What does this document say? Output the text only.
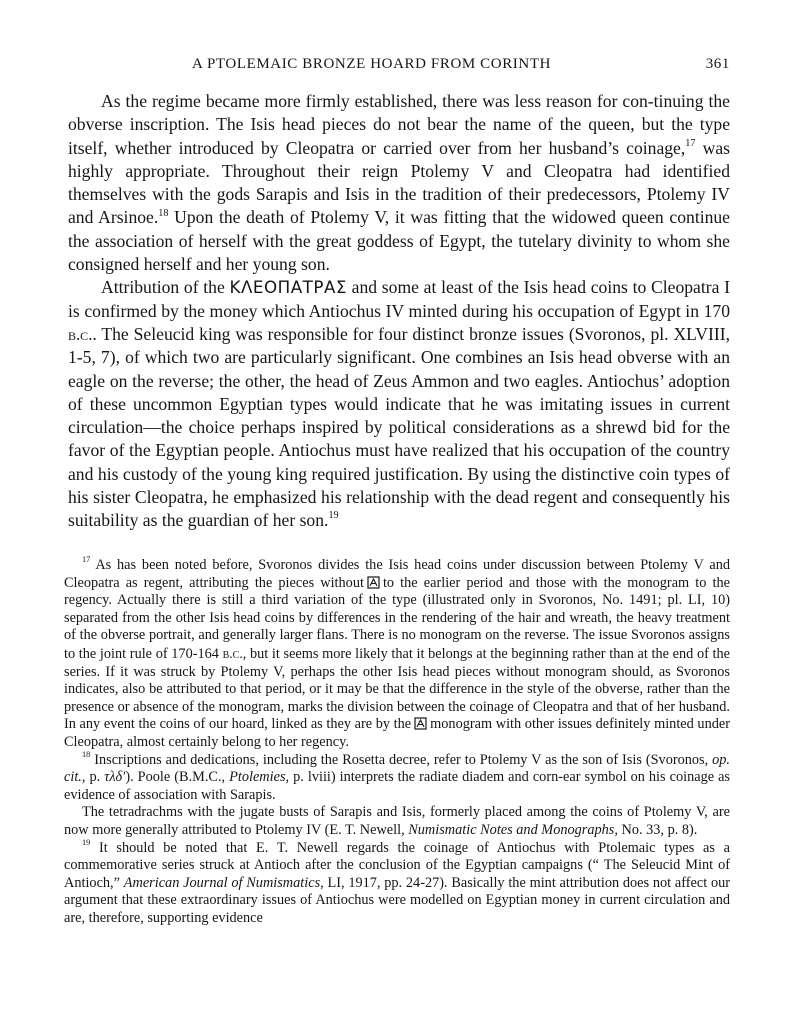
A PTOLEMAIC BRONZE HOARD FROM CORINTH	361

As the regime became more firmly established, there was less reason for con-tinuing the obverse inscription. The Isis head pieces do not bear the name of the queen, but the type itself, whether introduced by Cleopatra or carried over from her husband’s coinage,$^{17}$ was highly appropriate. Throughout their reign Ptolemy V and Cleopatra had identified themselves with the gods Sarapis and Isis in the tradition of their predecessors, Ptolemy IV and Arsinoe.$^{18}$ Upon the death of Ptolemy V, it was fitting that the widowed queen continue the association of herself with the great goddess of Egypt, the tutelary divinity to whom she consigned herself and her young son.

Attribution of the ΚΛΕΟΠΑΤΡΑΣ and some at least of the Isis head coins to Cleopatra I is confirmed by the money which Antiochus IV minted during his occupation of Egypt in 170 b.c.. The Seleucid king was responsible for four distinct bronze issues (Svoronos, pl. XLVIII, 1-5, 7), of which two are particularly significant. One combines an Isis head obverse with an eagle on the reverse; the other, the head of Zeus Ammon and two eagles. Antiochus’ adoption of these uncommon Egyptian types would indicate that he was imitating issues in current circulation—the choice perhaps inspired by political considerations as a shrewd bid for the favor of the Egyptian people. Antiochus must have realized that his occupation of the country and his custody of the young king required justification. By using the distinctive coin types of his sister Cleopatra, he emphasized his relationship with the dead regent and consequently his suitability as the guardian of her son.$^{19}$

$^{17}$ As has been noted before, Svoronos divides the Isis head coins under discussion between Ptolemy V and Cleopatra as regent, attributing the pieces without to the earlier period and those with the monogram to the regency. Actually there is still a third variation of the type (illustrated only in Svoronos, No. 1491; pl. LI, 10) separated from the other Isis head coins by differences in the rendering of the hair and wreath, the heavy treatment of the obverse portrait, and generally larger flans. There is no monogram on the reverse. The issue Svoronos assigns to the joint rule of 170-164 b.c., but it seems more likely that it belongs at the beginning rather than at the end of the series. If it was struck by Ptolemy V, perhaps the other Isis head pieces without monogram should, as Svoronos indicates, also be attributed to that period, or it may be that the difference in the style of the obverse, rather than the presence or absence of the monogram, marks the division between the coinage of Cleopatra and that of her husband. In any event the coins of our hoard, linked as they are by the monogram with other issues definitely minted under Cleopatra, almost certainly belong to her regency.

$^{18}$ Inscriptions and dedications, including the Rosetta decree, refer to Ptolemy V as the son of Isis (Svoronos, op. cit., p. τλδ′). Poole (B.M.C., Ptolemies, p. lviii) interprets the radiate diadem and corn-ear symbol on his coinage as evidence of association with Sarapis.

The tetradrachms with the jugate busts of Sarapis and Isis, formerly placed among the coins of Ptolemy V, are now more generally attributed to Ptolemy IV (E. T. Newell, Numismatic Notes and Monographs, No. 33, p. 8).

$^{19}$ It should be noted that E. T. Newell regards the coinage of Antiochus with Ptolemaic types as a commemorative series struck at Antioch after the conclusion of the Egyptian campaigns (“ The Seleucid Mint of Antioch,” American Journal of Numismatics, LI, 1917, pp. 24-27). Basically the mint attribution does not affect our argument that these extraordinary issues of Antiochus were modelled on Egyptian money in current circulation and are, therefore, supporting evidence
